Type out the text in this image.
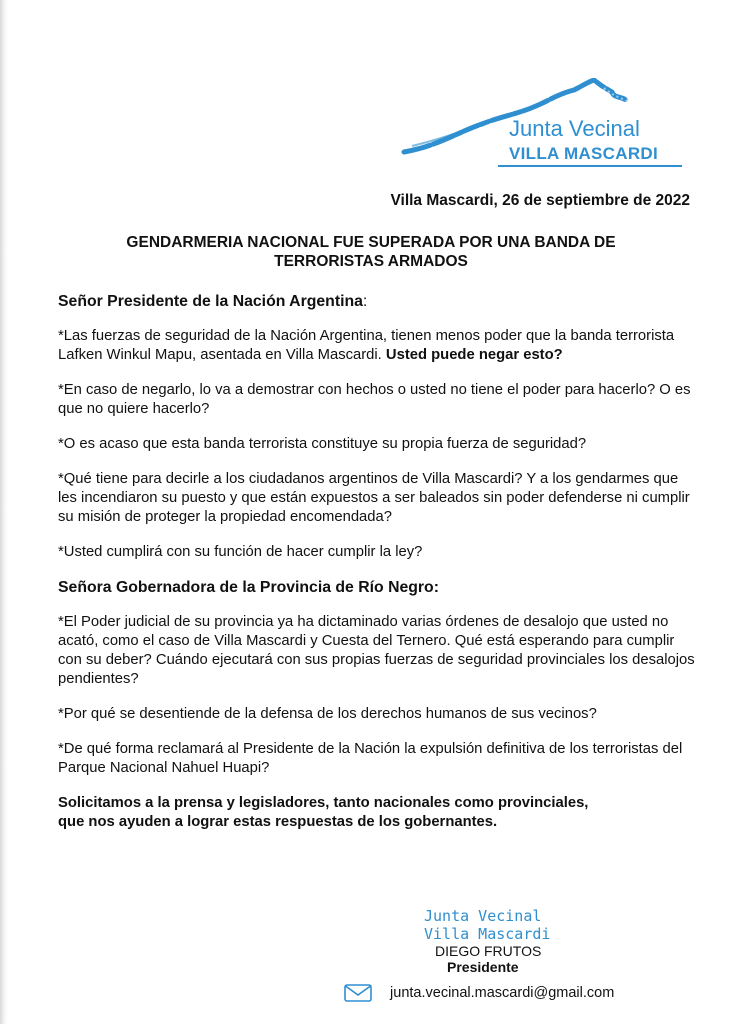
Junta Vecinal
VILLA MASCARDI
Villa Mascardi, 26 de septiembre de 2022
GENDARMERIA NACIONAL FUE SUPERADA POR UNA BANDA DE
TERRORISTAS ARMADOS

Señor Presidente de la Nación Argentina:

*Las fuerzas de seguridad de la Nación Argentina, tienen menos poder que la banda terrorista Lafken Winkul Mapu, asentada en Villa Mascardi. Usted puede negar esto?

*En caso de negarlo, lo va a demostrar con hechos o usted no tiene el poder para hacerlo? O es que no quiere hacerlo?

*O es acaso que esta banda terrorista constituye su propia fuerza de seguridad?

*Qué tiene para decirle a los ciudadanos argentinos de Villa Mascardi? Y a los gendarmes que les incendiaron su puesto y que están expuestos a ser baleados sin poder defenderse ni cumplir su misión de proteger la propiedad encomendada?

*Usted cumplirá con su función de hacer cumplir la ley?

Señora Gobernadora de la Provincia de Río Negro:

*El Poder judicial de su provincia ya ha dictaminado varias órdenes de desalojo que usted no acató, como el caso de Villa Mascardi y Cuesta del Ternero. Qué está esperando para cumplir con su deber? Cuándo ejecutará con sus propias fuerzas de seguridad provinciales los desalojos pendientes?

*Por qué se desentiende de la defensa de los derechos humanos de sus vecinos?

*De qué forma reclamará al Presidente de la Nación la expulsión definitiva de los terroristas del Parque Nacional Nahuel Huapi?

Solicitamos a la prensa y legisladores, tanto nacionales como provinciales,
que nos ayuden a lograr estas respuestas de los gobernantes.

Junta Vecinal
Villa Mascardi
DIEGO FRUTOS
Presidente
junta.vecinal.mascardi@gmail.com
